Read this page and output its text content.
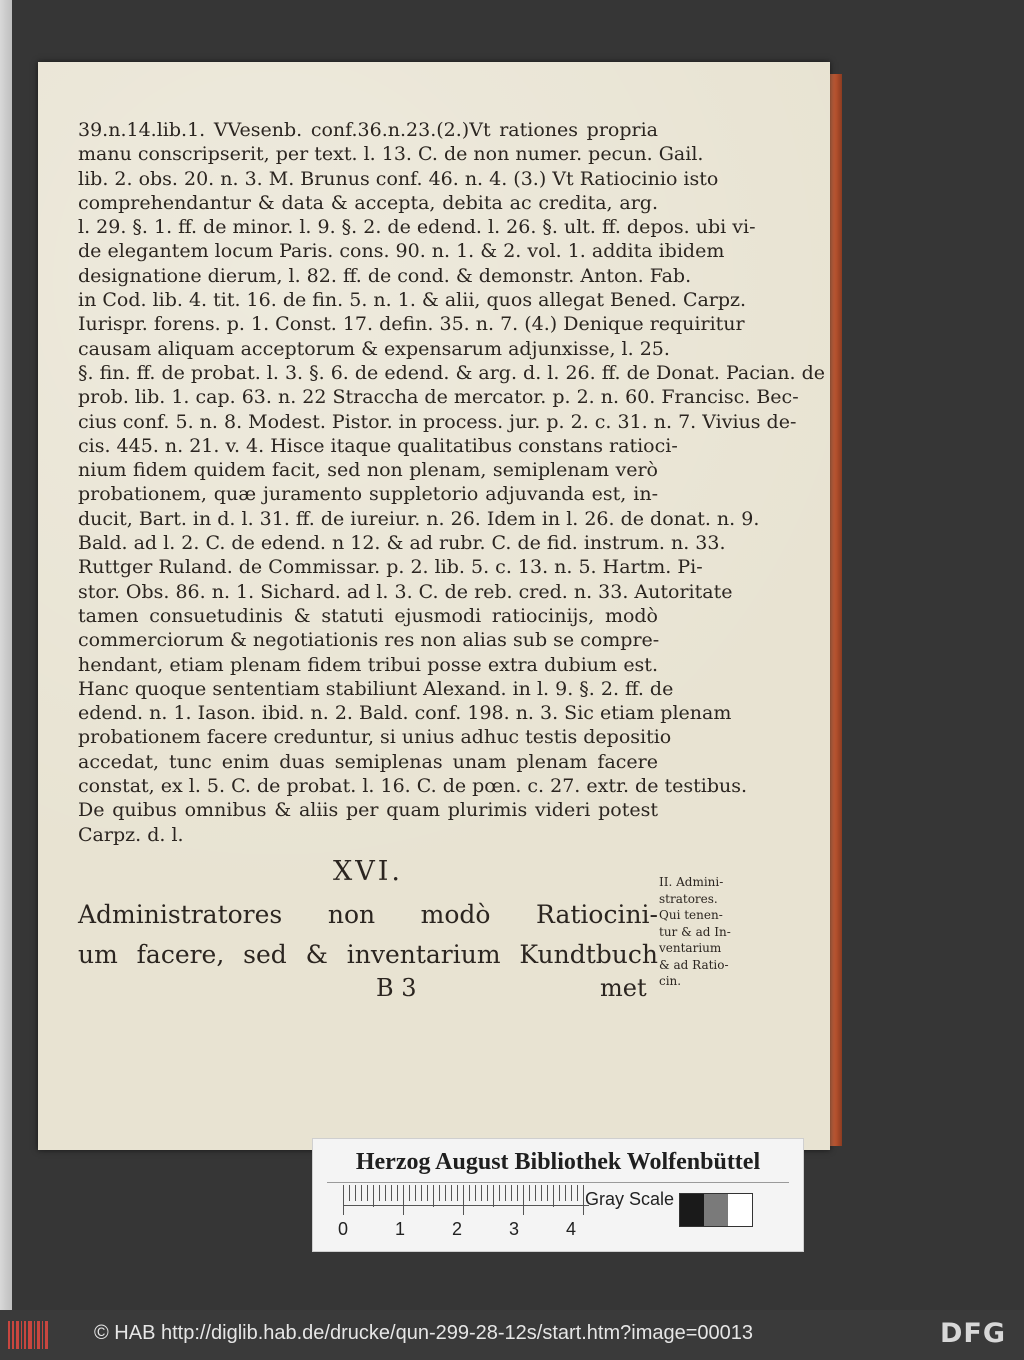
39.n.14.lib.1. VVesenb. conf.36.n.23.(2.)Vt rationes propria
manu conscripserit, per text. l. 13. C. de non numer. pecun. Gail.
lib. 2. obs. 20. n. 3. M. Brunus conf. 46. n. 4. (3.) Vt Ratiocinio isto
comprehendantur & data & accepta, debita ac credita, arg.
l. 29. §. 1. ff. de minor. l. 9. §. 2. de edend. l. 26. §. ult. ff. depos. ubi vi-
de elegantem locum Paris. cons. 90. n. 1. & 2. vol. 1. addita ibidem
designatione dierum, l. 82. ff. de cond. & demonstr. Anton. Fab.
in Cod. lib. 4. tit. 16. de fin. 5. n. 1. & alii, quos allegat Bened. Carpz.
Iurispr. forens. p. 1. Const. 17. defin. 35. n. 7. (4.) Denique requiritur
causam aliquam acceptorum & expensarum adjunxisse, l. 25.
§. fin. ff. de probat. l. 3. §. 6. de edend. & arg. d. l. 26. ff. de Donat. Pacian. de
prob. lib. 1. cap. 63. n. 22 Straccha de mercator. p. 2. n. 60. Francisc. Bec-
cius conf. 5. n. 8. Modest. Pistor. in process. jur. p. 2. c. 31. n. 7. Vivius de-
cis. 445. n. 21. v. 4. Hisce itaque qualitatibus constans ratioci-
nium fidem quidem facit, sed non plenam, semiplenam verò
probationem, quæ juramento suppletorio adjuvanda est, in-
ducit, Bart. in d. l. 31. ff. de iureiur. n. 26. Idem in l. 26. de donat. n. 9.
Bald. ad l. 2. C. de edend. n 12. & ad rubr. C. de fid. instrum. n. 33.
Ruttger Ruland. de Commissar. p. 2. lib. 5. c. 13. n. 5. Hartm. Pi-
stor. Obs. 86. n. 1. Sichard. ad l. 3. C. de reb. cred. n. 33. Autoritate
tamen consuetudinis & statuti ejusmodi ratiocinijs, modò
commerciorum & negotiationis res non alias sub se compre-
hendant, etiam plenam fidem tribui posse extra dubium est.
Hanc quoque sententiam stabiliunt Alexand. in l. 9. §. 2. ff. de
edend. n. 1. Iason. ibid. n. 2. Bald. conf. 198. n. 3. Sic etiam plenam
probationem facere creduntur, si unius adhuc testis depositio
accedat, tunc enim duas semiplenas unam plenam facere
constat, ex l. 5. C. de probat. l. 16. C. de pœn. c. 27. extr. de testibus.
De quibus omnibus & aliis per quam plurimis videri potest
Carpz. d. l.
XVI.
Administratores non modò Ratiocini-
um facere, sed & inventarium Kundtbuch
B 3	met
II. Admini-
stratores.
Qui tenen-
tur & ad In-
ventarium
& ad Ratio-
cin.
Herzog August Bibliothek Wolfenbüttel
0	1	2	3	4
Gray Scale
© HAB http://diglib.hab.de/drucke/qun-299-28-12s/start.htm?image=00013	DFG
